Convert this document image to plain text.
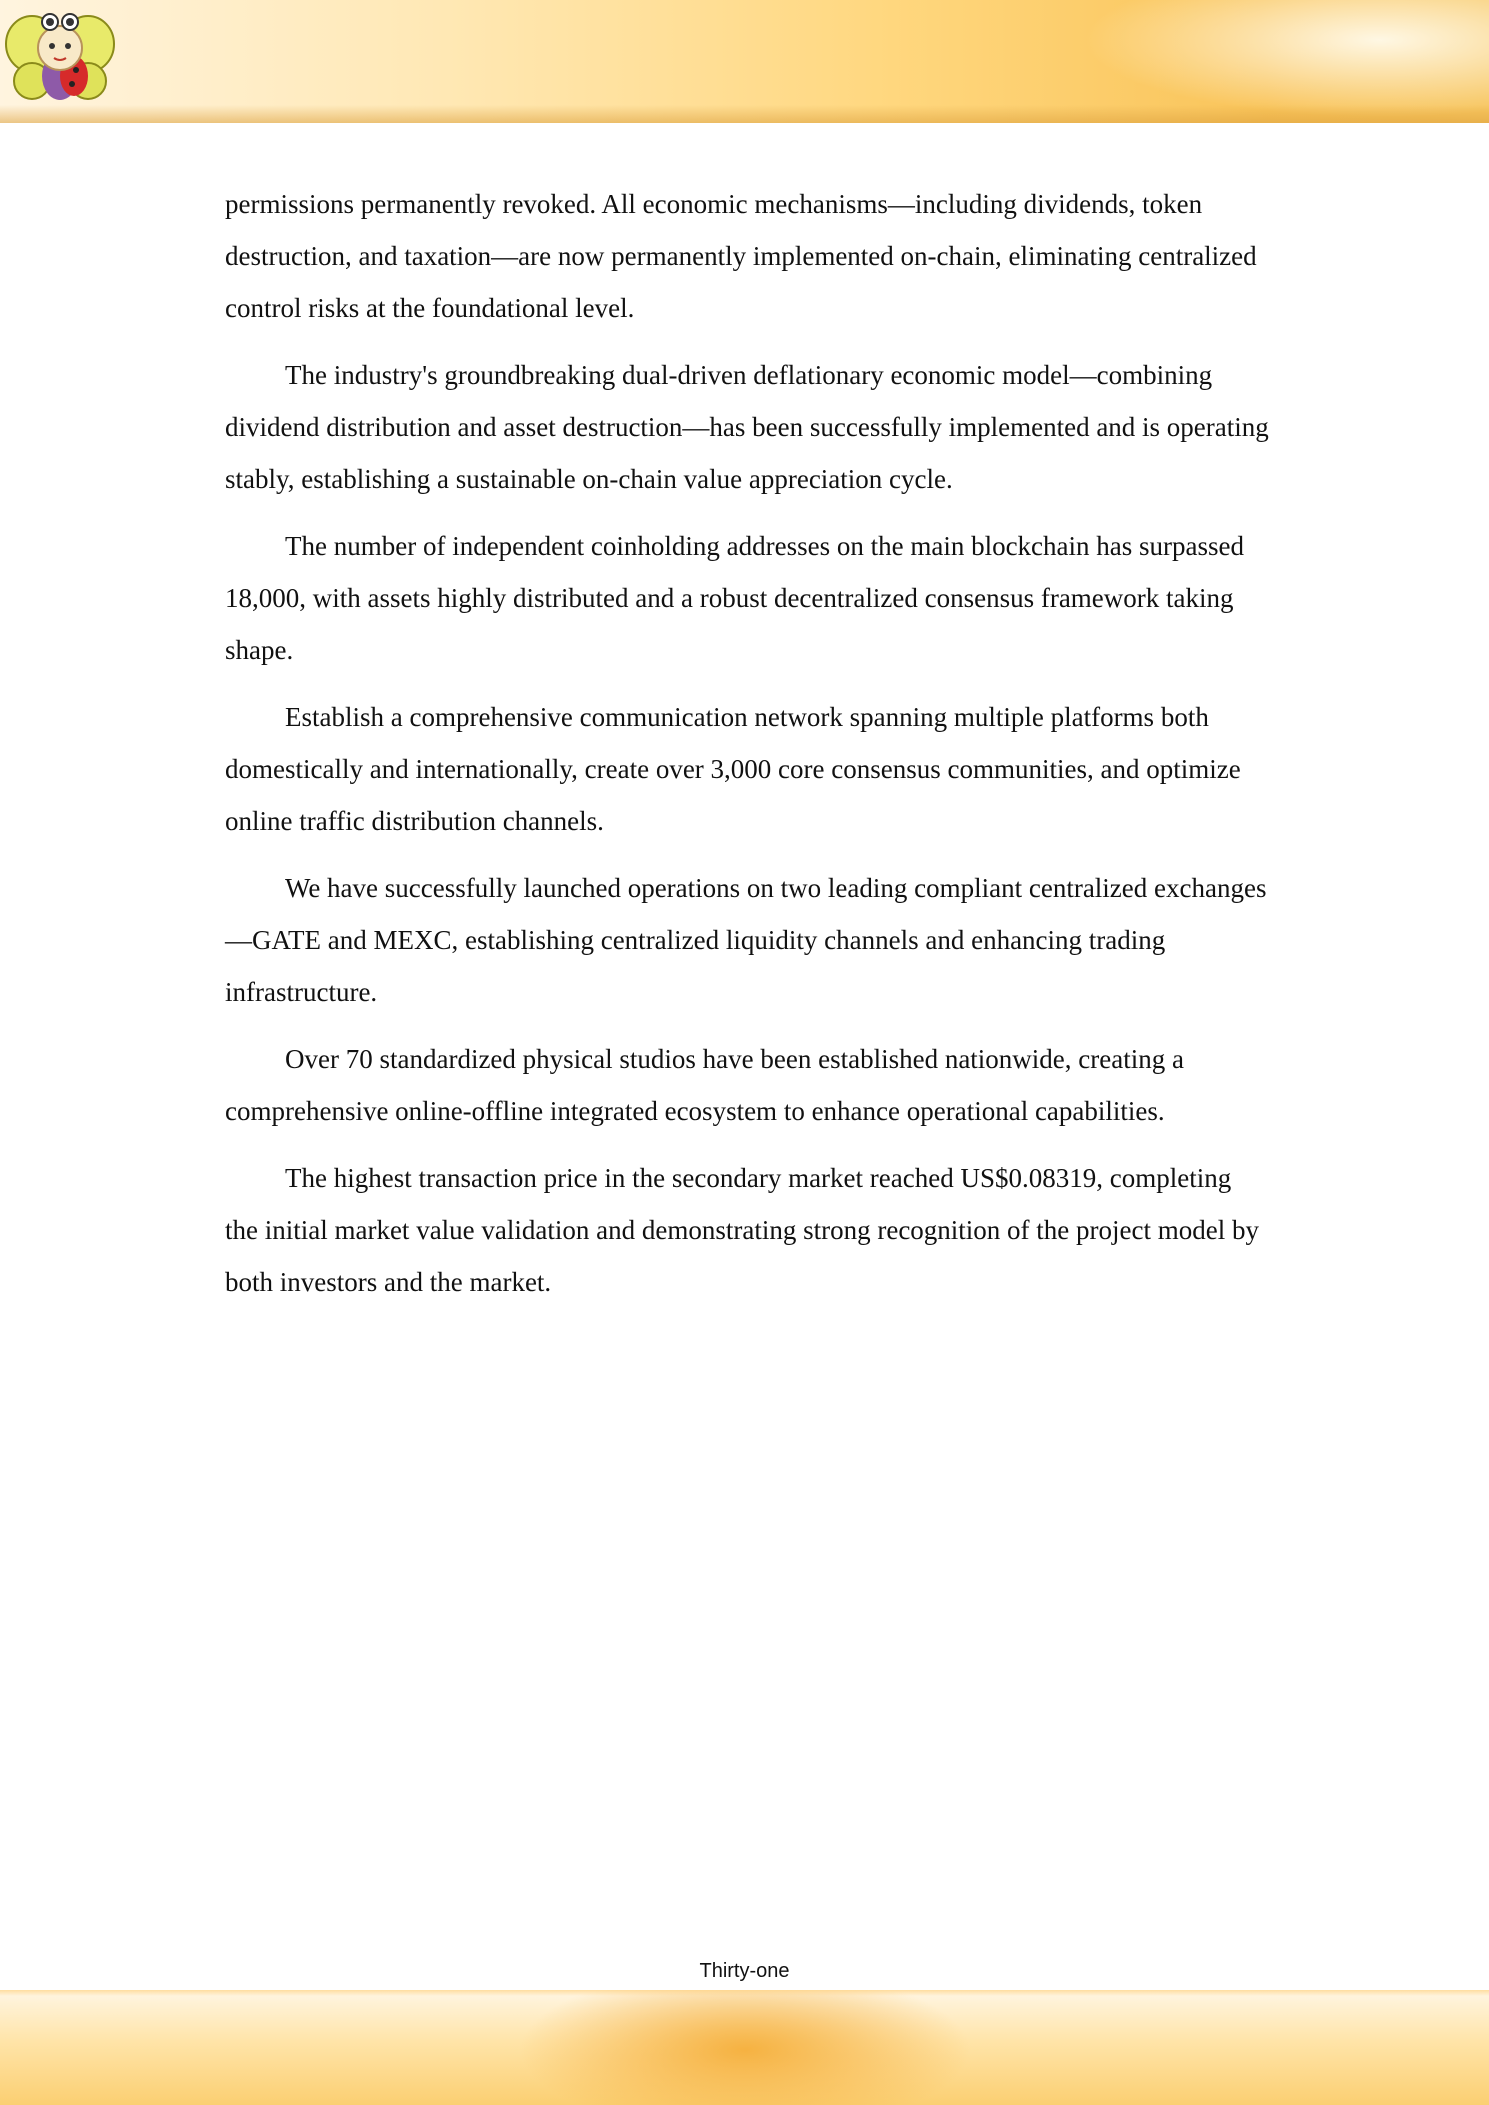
permissions permanently revoked. All economic mechanisms—including dividends, token destruction, and taxation—are now permanently implemented on-chain, eliminating centralized control risks at the foundational level.

The industry's groundbreaking dual-driven deflationary economic model—combining dividend distribution and asset destruction—has been successfully implemented and is operating stably, establishing a sustainable on-chain value appreciation cycle.

The number of independent coinholding addresses on the main blockchain has surpassed 18,000, with assets highly distributed and a robust decentralized consensus framework taking shape.

Establish a comprehensive communication network spanning multiple platforms both domestically and internationally, create over 3,000 core consensus communities, and optimize online traffic distribution channels.

We have successfully launched operations on two leading compliant centralized exchanges—GATE and MEXC, establishing centralized liquidity channels and enhancing trading infrastructure.

Over 70 standardized physical studios have been established nationwide, creating a comprehensive online-offline integrated ecosystem to enhance operational capabilities.

The highest transaction price in the secondary market reached US$0.08319, completing the initial market value validation and demonstrating strong recognition of the project model by both investors and the market.

Thirty-one
